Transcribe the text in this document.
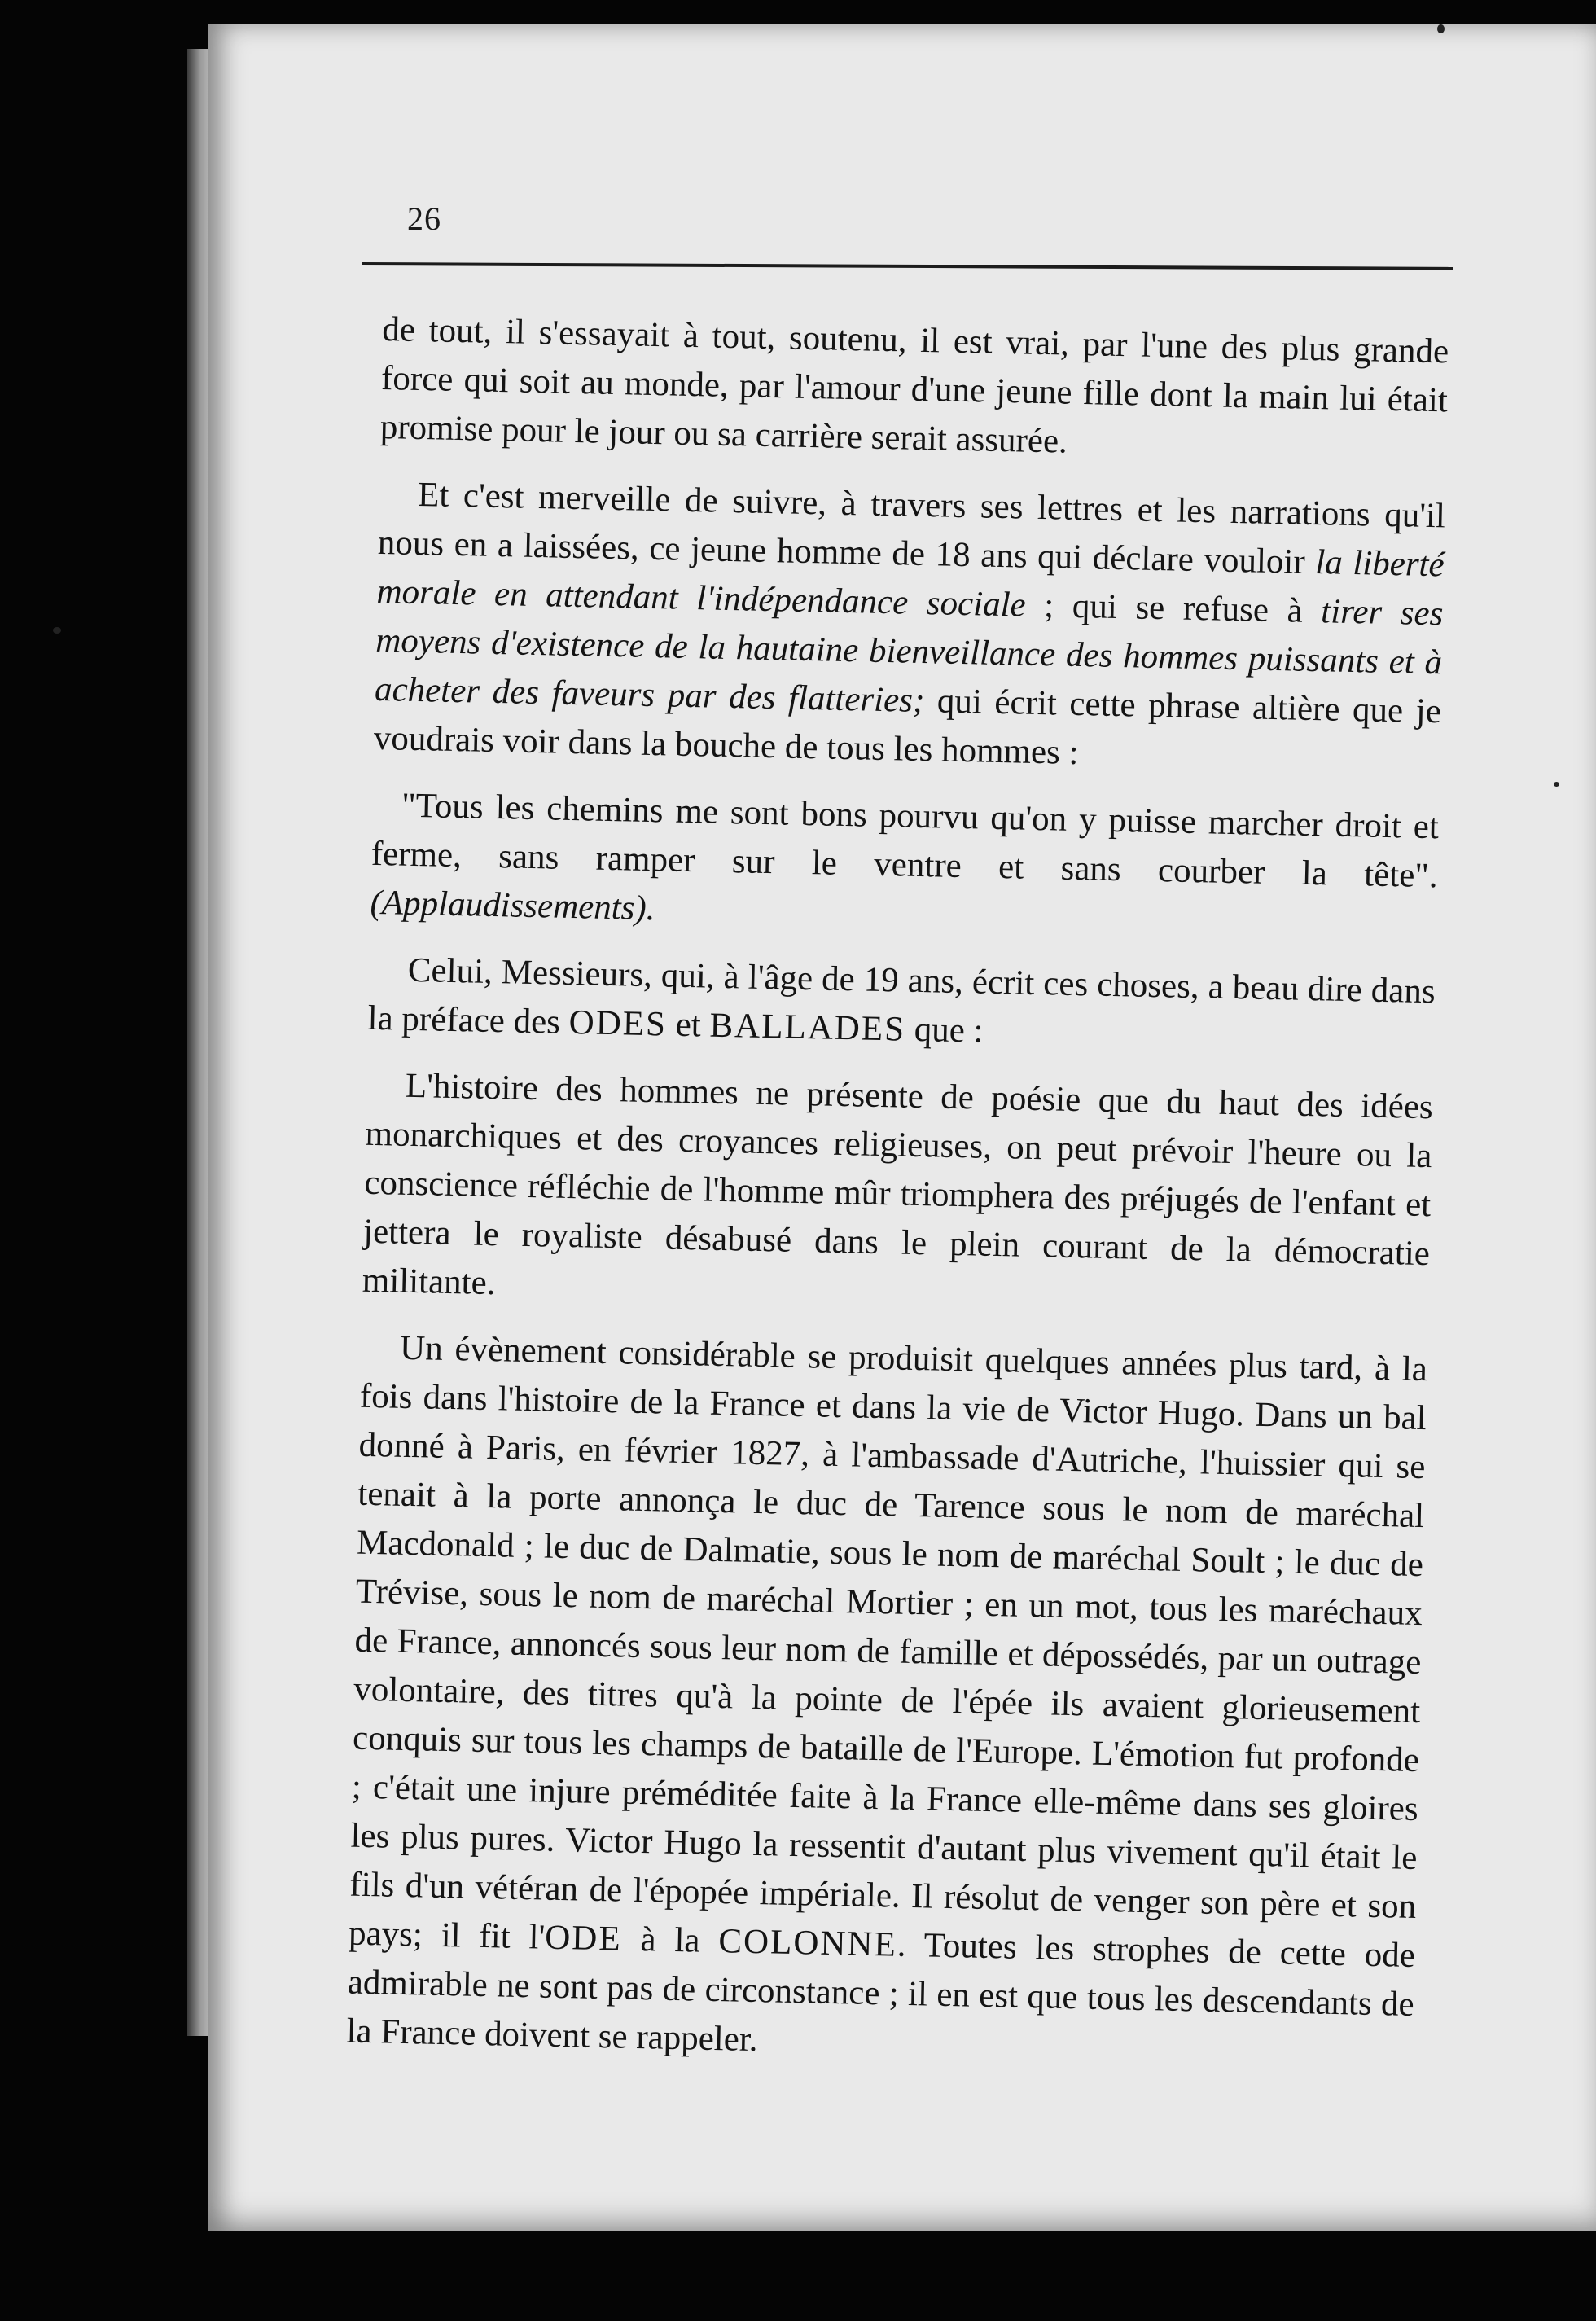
26

de tout, il s'essayait à tout, soutenu, il est vrai, par l'une des plus grande force qui soit au monde, par l'amour d'une jeune fille dont la main lui était promise pour le jour ou sa carrière serait assurée.

Et c'est merveille de suivre, à travers ses lettres et les narrations qu'il nous en a laissées, ce jeune homme de 18 ans qui déclare vouloir la liberté morale en attendant l'indépendance sociale ; qui se refuse à tirer ses moyens d'existence de la hautaine bienveillance des hommes puissants et à acheter des faveurs par des flatteries; qui écrit cette phrase altière que je voudrais voir dans la bouche de tous les hommes :

"Tous les chemins me sont bons pourvu qu'on y puisse marcher droit et ferme, sans ramper sur le ventre et sans courber la tête". (Applaudissements).

Celui, Messieurs, qui, à l'âge de 19 ans, écrit ces choses, a beau dire dans la préface des ODES et BALLADES que :

L'histoire des hommes ne présente de poésie que du haut des idées monarchiques et des croyances religieuses, on peut prévoir l'heure ou la conscience réfléchie de l'homme mûr triomphera des préjugés de l'enfant et jettera le royaliste désabusé dans le plein courant de la démocratie militante.

Un évènement considérable se produisit quelques années plus tard, à la fois dans l'histoire de la France et dans la vie de Victor Hugo. Dans un bal donné à Paris, en février 1827, à l'ambassade d'Autriche, l'huissier qui se tenait à la porte annonça le duc de Tarence sous le nom de maréchal Macdonald ; le duc de Dalmatie, sous le nom de maréchal Soult ; le duc de Trévise, sous le nom de maréchal Mortier ; en un mot, tous les maréchaux de France, annoncés sous leur nom de famille et dépossédés, par un outrage volontaire, des titres qu'à la pointe de l'épée ils avaient glorieusement conquis sur tous les champs de bataille de l'Europe. L'émotion fut profonde ; c'était une injure préméditée faite à la France elle-même dans ses gloires les plus pures. Victor Hugo la ressentit d'autant plus vivement qu'il était le fils d'un vétéran de l'épopée impériale. Il résolut de venger son père et son pays; il fit l'ODE à la COLONNE. Toutes les strophes de cette ode admirable ne sont pas de circonstance ; il en est que tous les descendants de la France doivent se rappeler.
